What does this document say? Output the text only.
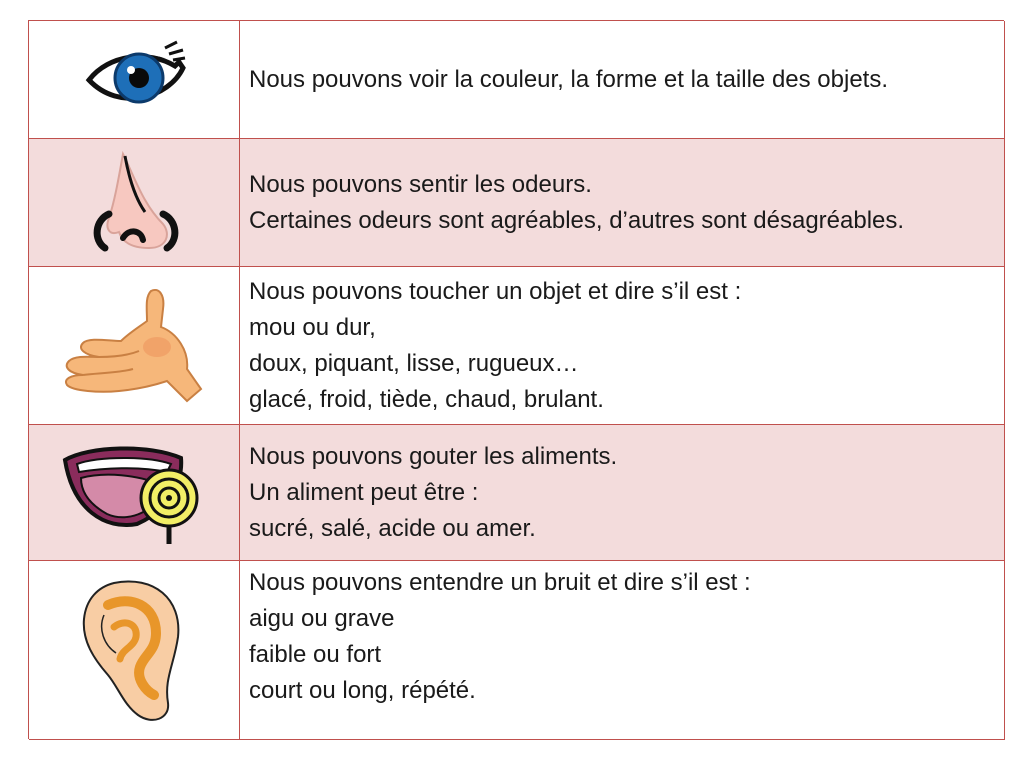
Nous pouvons voir la couleur, la forme et la taille des objets.
Nous pouvons sentir les odeurs.
Certaines odeurs sont agréables, d’autres sont désagréables.
Nous pouvons toucher un objet et dire s’il est :
mou ou dur,
doux, piquant, lisse, rugueux…
glacé, froid, tiède, chaud, brulant.
Nous pouvons gouter les aliments.
Un aliment peut être :
sucré, salé, acide ou amer.
Nous pouvons entendre un bruit et dire s’il est :
aigu ou grave
faible ou fort
court ou long, répété.
